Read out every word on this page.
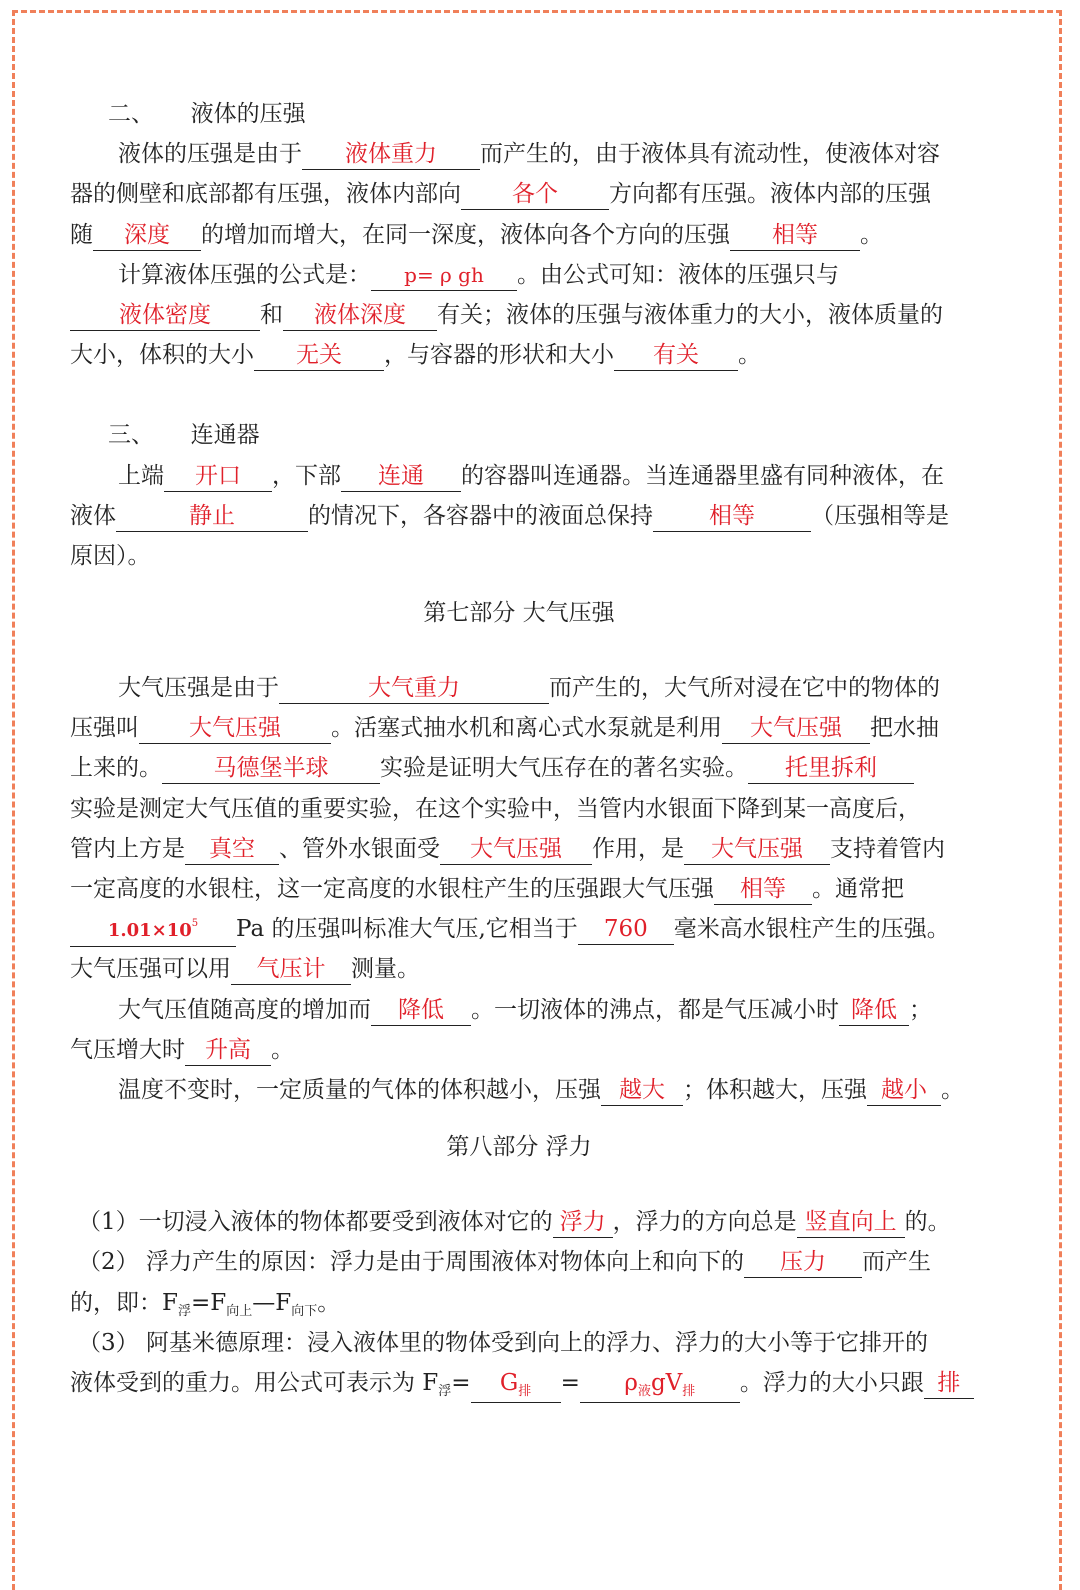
二、 液体的压强
液体的压强是由于 液体重力 而产生的，由于液体具有流动性，使液体对容
器的侧壁和底部都有压强，液体内部向 各个 方向都有压强。液体内部的压强
随 深度 的增加而增大，在同一深度，液体向各个方向的压强 相等 。
计算液体压强的公式是： p= ρ gh 。由公式可知：液体的压强只与
液体密度 和 液体深度 有关；液体的压强与液体重力的大小，液体质量的
大小，体积的大小 无关 ，与容器的形状和大小 有关 。
三、 连通器
上端 开口 ，下部 连通 的容器叫连通器。当连通器里盛有同种液体，在
液体	静止	的情况下，各容器中的液面总保持 相等 （压强相等是
原因）。
第七部分 大气压强
大气压强是由于	大气重力	而产生的，大气所对浸在它中的物体的
压强叫 大气压强 。活塞式抽水机和离心式水泵就是利用 大气压强 把水抽
上来的。 马德堡半球 实验是证明大气压存在的著名实验。 托里拆利
实验是测定大气压值的重要实验，在这个实验中，当管内水银面下降到某一高度后，
管内上方是 真空 、管外水银面受 大气压强 作用，是 大气压强 支持着管内
一定高度的水银柱，这一定高度的水银柱产生的压强跟大气压强 相等 。通常把
$1.01\times 10^5$ Pa 的压强叫标准大气压,它相当于 760 毫米高水银柱产生的压强。
大气压强可以用 气压计 测量。
大气压值随高度的增加而 降低 。一切液体的沸点，都是气压减小时 降低 ；
气压增大时 升高 。
温度不变时，一定质量的气体的体积越小，压强 越大 ；体积越大，压强 越小 。
第八部分 浮力
（1）一切浸入液体的物体都要受到液体对它的 浮力 ，浮力的方向总是 竖直向上 的。
（2） 浮力产生的原因：浮力是由于周围液体对物体向上和向下的 压力 而产生
的，即：$F_浮=F_{向上}—F_{向下}$。
（3） 阿基米德原理：浸入液体里的物体受到向上的浮力、浮力的大小等于它排开的
液体受到的重力。用公式可表示为 $F_浮= G_排 = \rho_液gV_排$ 。浮力的大小只跟 排
